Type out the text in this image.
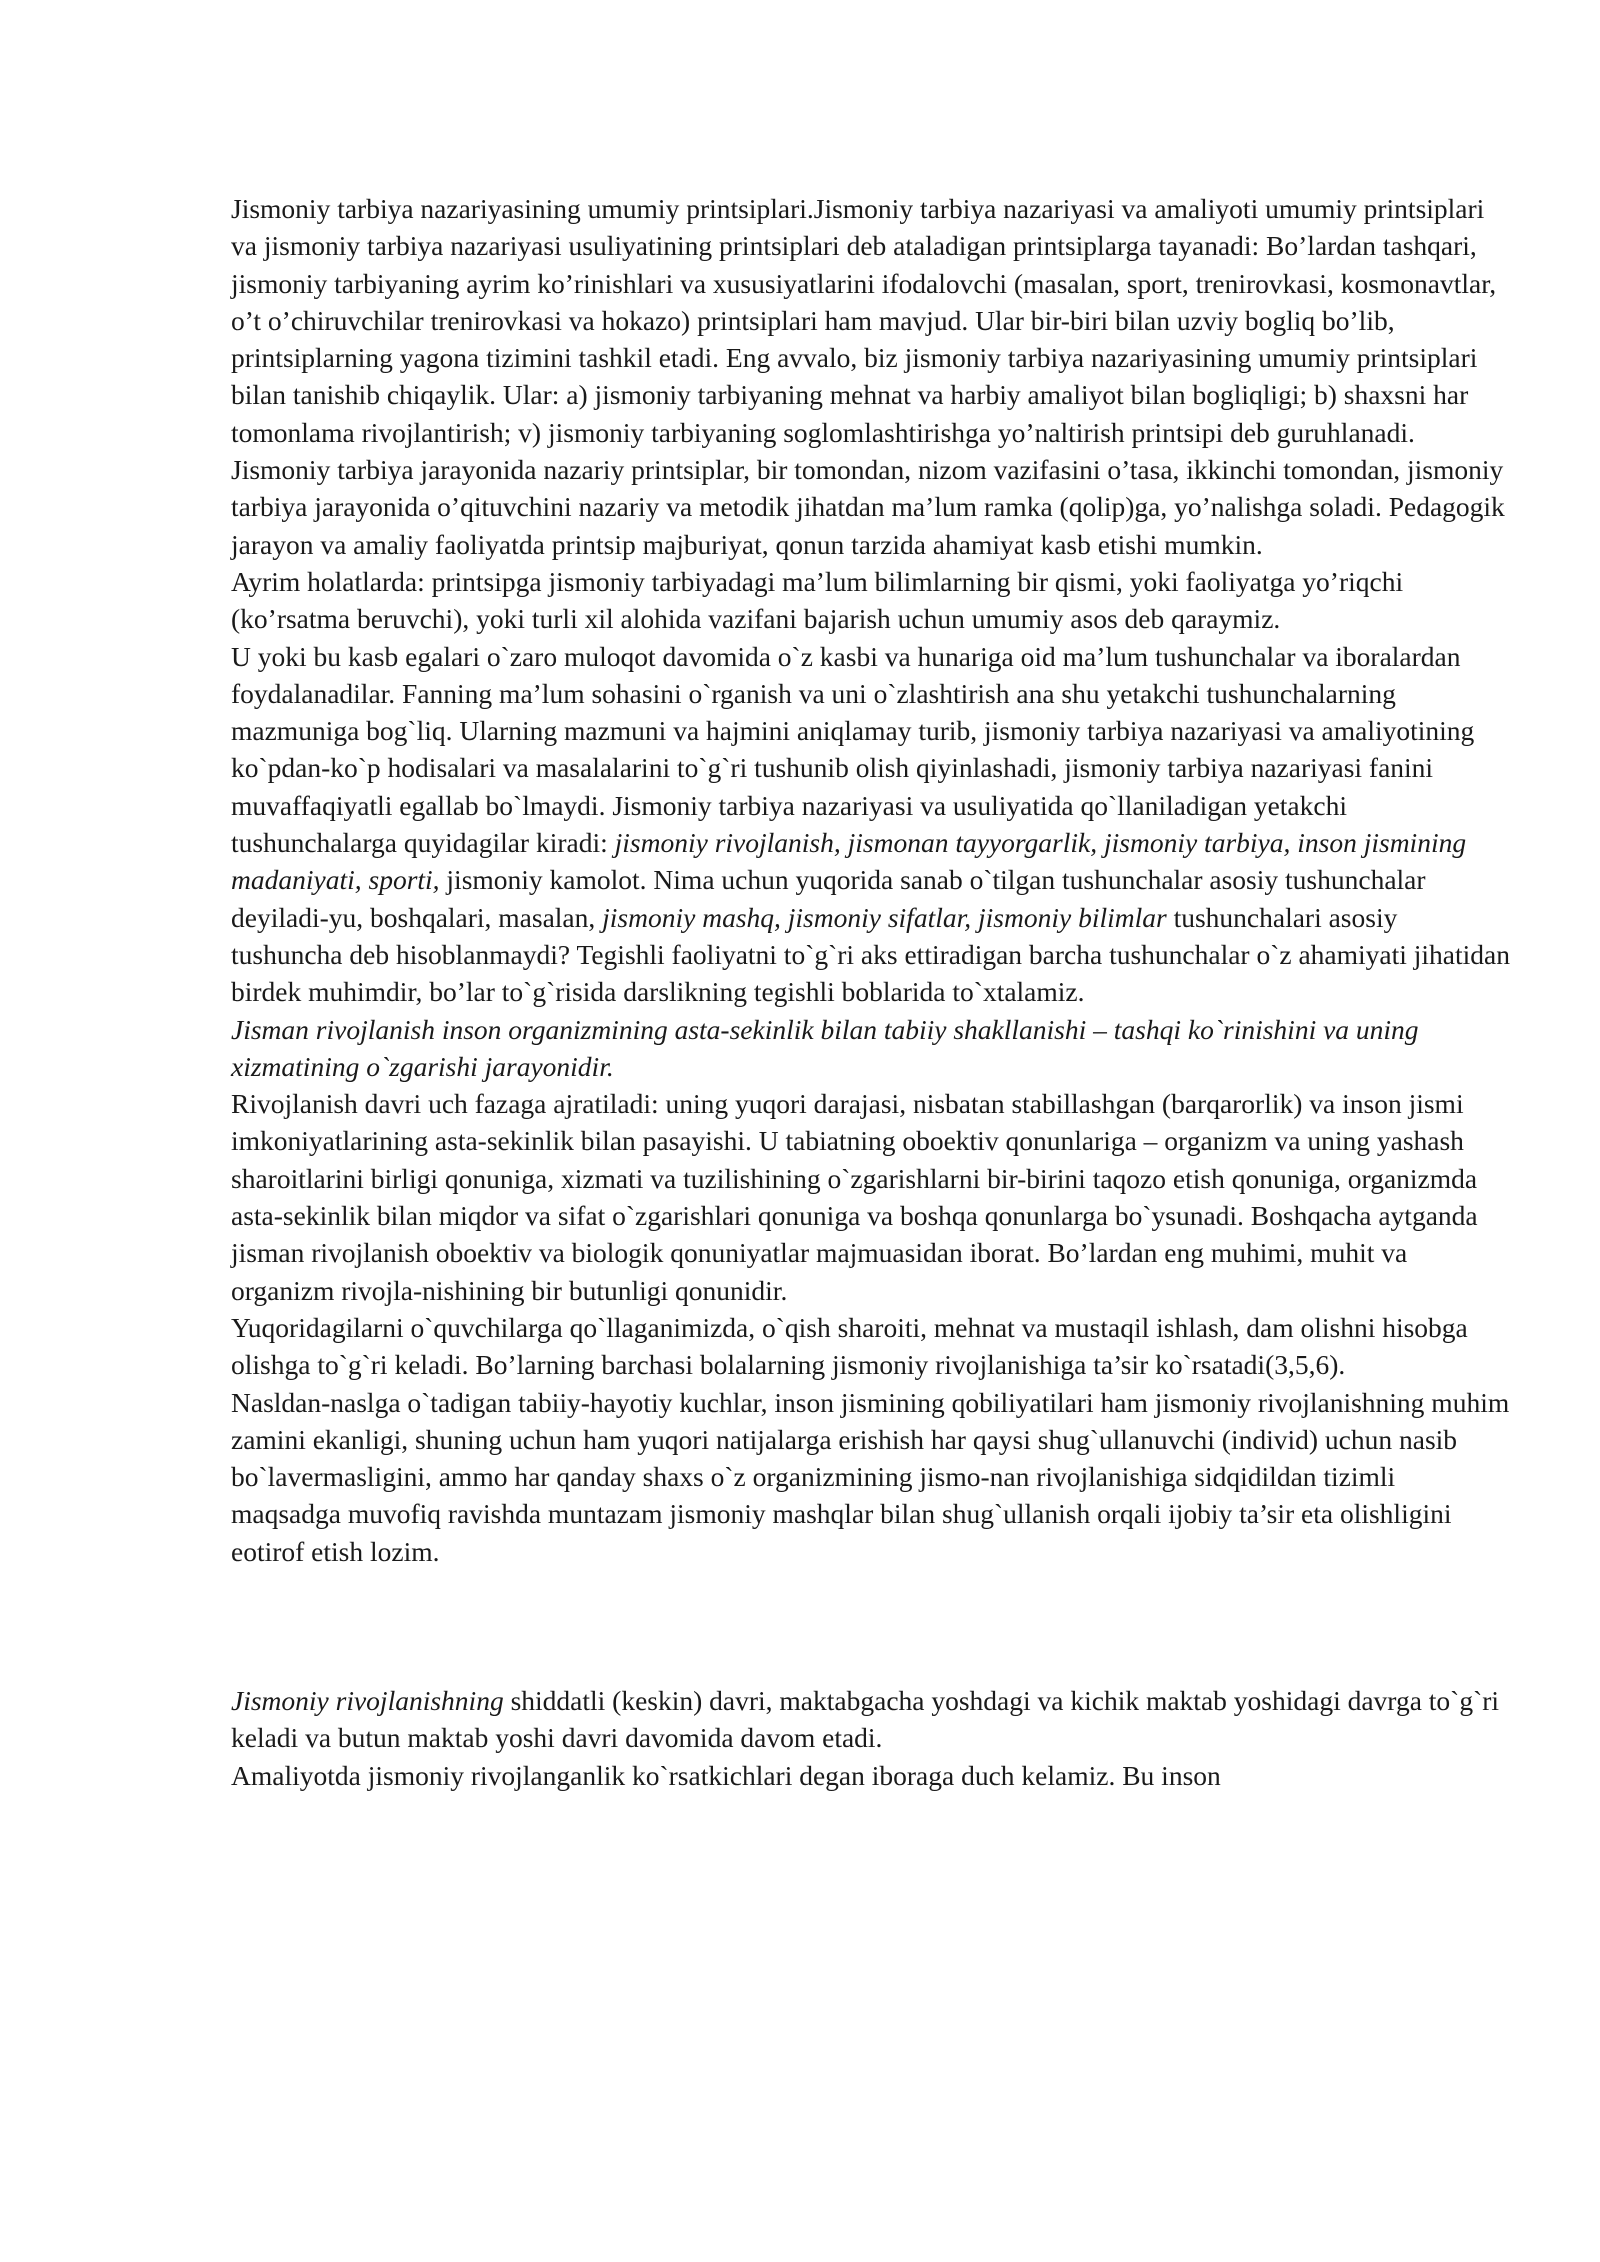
Jismoniy tarbiya nazariyasining umumiy printsiplari.Jismoniy tarbiya nazariyasi va amaliyoti umumiy printsiplari va jismoniy tarbiya nazariyasi usuliyatining printsiplari deb ataladigan printsiplarga tayanadi: Bo’lardan tashqari, jismoniy tarbiyaning ayrim ko’rinishlari va xususiyatlarini ifodalovchi (masalan, sport, trenirovkasi, kosmonavtlar, o’t o’chiruvchilar trenirovkasi va hokazo) printsiplari ham mavjud. Ular bir-biri bilan uzviy bogliq bo’lib, printsiplarning yagona tizimini tashkil etadi. Eng avvalo, biz jismoniy tarbiya nazariyasining umumiy printsiplari bilan tanishib chiqaylik. Ular: a) jismoniy tarbiyaning mehnat va harbiy amaliyot bilan bogliqligi; b) shaxsni har tomonlama rivojlantirish; v) jismoniy tarbiyaning soglomlashtirishga yo’naltirish printsipi deb guruhlanadi.

Jismoniy tarbiya jarayonida nazariy printsiplar, bir tomondan, nizom vazifasini o’tasa, ikkinchi tomondan, jismoniy tarbiya jarayonida o’qituvchini nazariy va metodik jihatdan ma’lum ramka (qolip)ga, yo’nalishga soladi. Pedagogik jarayon va amaliy faoliyatda printsip majburiyat, qonun tarzida ahamiyat kasb etishi mumkin.

Ayrim holatlarda: printsipga jismoniy tarbiyadagi ma’lum bilimlarning bir qismi, yoki faoliyatga yo’riqchi (ko’rsatma beruvchi), yoki turli xil alohida vazifani bajarish uchun umumiy asos deb qaraymiz.

U yoki bu kasb egalari o`zaro muloqot davomida o`z kasbi va hunariga oid ma’lum tushunchalar va iboralardan foydalanadilar. Fanning ma’lum sohasini o`rganish va uni o`zlashtirish ana shu yetakchi tushunchalarning mazmuniga bog`liq. Ularning mazmuni va hajmini aniqlamay turib, jismoniy tarbiya nazariyasi va amaliyotining ko`pdan-ko`p hodisalari va masalalarini to`g`ri tushunib olish qiyinlashadi, jismoniy tarbiya nazariyasi fanini muvaffaqiyatli egallab bo`lmaydi. Jismoniy tarbiya nazariyasi va usuliyatida qo`llaniladigan yetakchi tushunchalarga quyidagilar kiradi: jismoniy rivojlanish, jismonan tayyorgarlik, jismoniy tarbiya, inson jismining madaniyati, sporti, jismoniy kamolot. Nima uchun yuqorida sanab o`tilgan tushunchalar asosiy tushunchalar deyiladi-yu, boshqalari, masalan, jismoniy mashq, jismoniy sifatlar, jismoniy bilimlar tushunchalari asosiy tushuncha deb hisoblanmaydi? Tegishli faoliyatni to`g`ri aks ettiradigan barcha tushunchalar o`z ahamiyati jihatidan birdek muhimdir, bo’lar to`g`risida darslikning tegishli boblarida to`xtalamiz.

Jisman rivojlanish inson organizmining asta-sekinlik bilan tabiiy shakllanishi – tashqi ko`rinishini va uning xizmatining o`zgarishi jarayonidir.

Rivojlanish davri uch fazaga ajratiladi: uning yuqori darajasi, nisbatan stabillashgan (barqarorlik) va inson jismi imkoniyatlarining asta-sekinlik bilan pasayishi. U tabiatning oboektiv qonunlariga – organizm va uning yashash sharoitlarini birligi qonuniga, xizmati va tuzilishining o`zgarishlarni bir-birini taqozo etish qonuniga, organizmda asta-sekinlik bilan miqdor va sifat o`zgarishlari qonuniga va boshqa qonunlarga bo`ysunadi. Boshqacha aytganda jisman rivojlanish oboektiv va biologik qonuniyatlar majmuasidan iborat. Bo’lardan eng muhimi, muhit va organizm rivojla-nishining bir butunligi qonunidir.

Yuqoridagilarni o`quvchilarga qo`llaganimizda, o`qish sharoiti, mehnat va mustaqil ishlash, dam olishni hisobga olishga to`g`ri keladi. Bo’larning barchasi bolalarning jismoniy rivojlanishiga ta’sir ko`rsatadi(3,5,6).

Nasldan-naslga o`tadigan tabiiy-hayotiy kuchlar, inson jismining qobiliyatilari ham jismoniy rivojlanishning muhim zamini ekanligi, shuning uchun ham yuqori natijalarga erishish har qaysi shug`ullanuvchi (individ) uchun nasib bo`lavermasligini, ammo har qanday shaxs o`z organizmining jismo-nan rivojlanishiga sidqidildan tizimli maqsadga muvofiq ravishda muntazam jismoniy mashqlar bilan shug`ullanish orqali ijobiy ta’sir eta olishligini eotirof etish lozim.

Jismoniy rivojlanishning shiddatli (keskin) davri, maktabgacha yoshdagi va kichik maktab yoshidagi davrga to`g`ri keladi va butun maktab yoshi davri davomida davom etadi.

Amaliyotda jismoniy rivojlanganlik ko`rsatkichlari degan iboraga duch kelamiz. Bu inson
